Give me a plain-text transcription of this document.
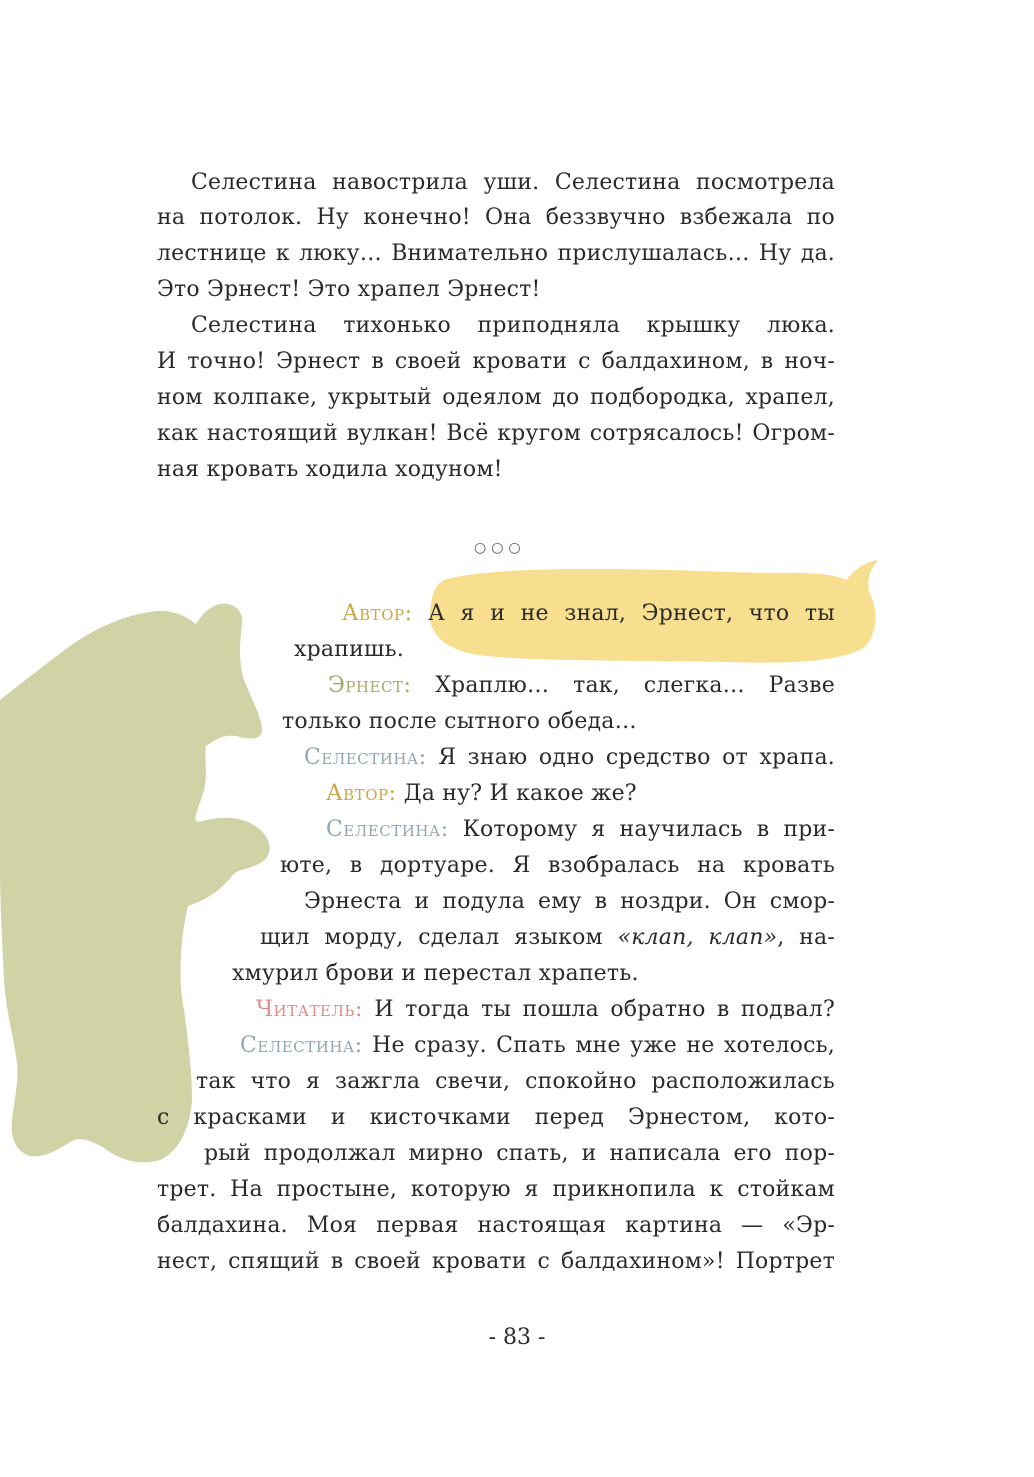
Селестина навострила уши. Селестина посмотрела
на потолок. Ну конечно! Она беззвучно взбежала по
лестнице к люку… Внимательно прислушалась… Ну да.
Это Эрнест! Это храпел Эрнест!
Селестина тихонько приподняла крышку люка.
И точно! Эрнест в своей кровати с балдахином, в ноч-
ном колпаке, укрытый одеялом до подбородка, храпел,
как настоящий вулкан! Всё кругом сотрясалось! Огром-
ная кровать ходила ходуном!
○○○
Автор: А я и не знал, Эрнест, что ты
храпишь.
Эрнест: Храплю… так, слегка… Разве
только после сытного обеда…
Селестина: Я знаю одно средство от храпа.
Автор: Да ну? И какое же?
Селестина: Которому я научилась в при-
юте, в дортуаре. Я взобралась на кровать
Эрнеста и подула ему в ноздри. Он смор-
щил морду, сделал языком «клап, клап», на-
хмурил брови и перестал храпеть.
Читатель: И тогда ты пошла обратно в подвал?
Селестина: Не сразу. Спать мне уже не хотелось,
так что я зажгла свечи, спокойно расположилась
с красками и кисточками перед Эрнестом, кото-
рый продолжал мирно спать, и написала его пор-
трет. На простыне, которую я прикнопила к стойкам
балдахина. Моя первая настоящая картина — «Эр-
нест, спящий в своей кровати с балдахином»! Портрет
- 83 -
